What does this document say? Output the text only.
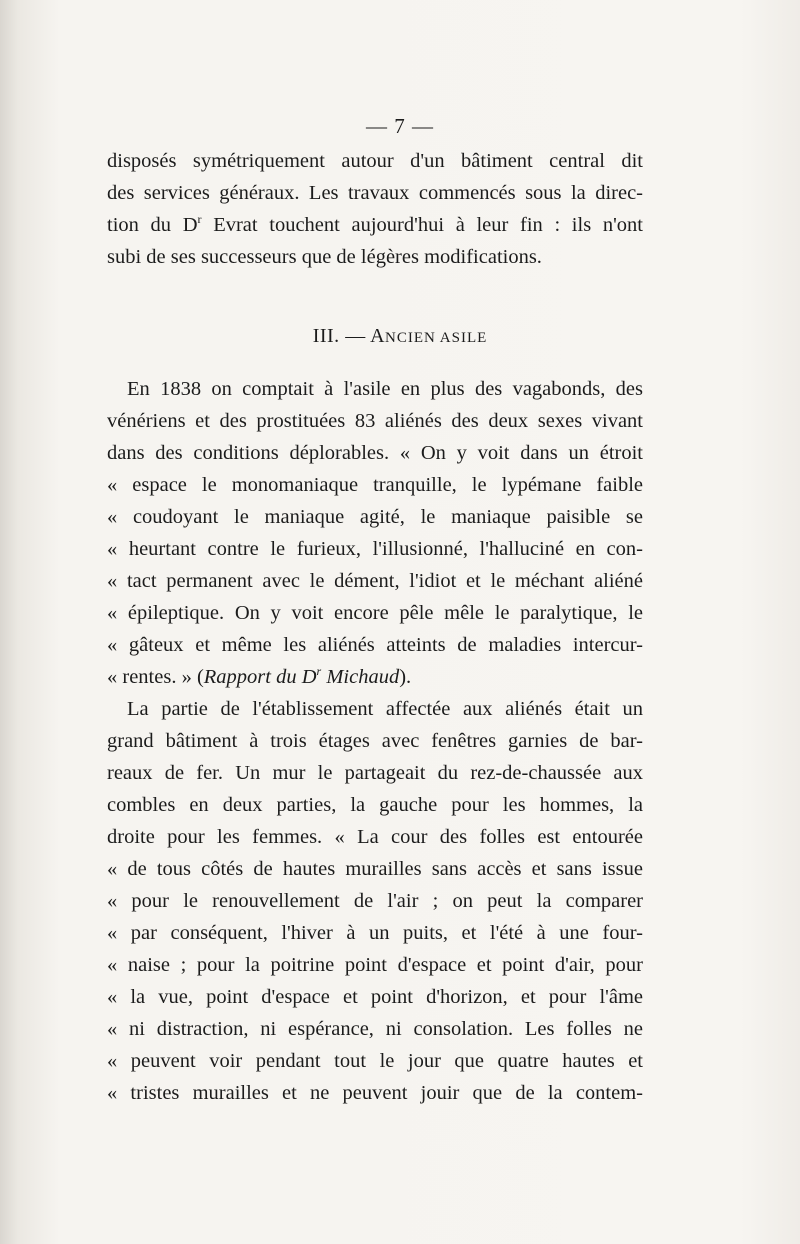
— 7 —
disposés symétriquement autour d'un bâtiment central dit
des services généraux. Les travaux commencés sous la direc-
tion du $D^r$ Evrat touchent aujourd'hui à leur fin : ils n'ont
subi de ses successeurs que de légères modifications.
III. — ANCIEN ASILE
En 1838 on comptait à l'asile en plus des vagabonds, des
vénériens et des prostituées 83 aliénés des deux sexes vivant
dans des conditions déplorables. « On y voit dans un étroit
« espace le monomaniaque tranquille, le lypémane faible
« coudoyant le maniaque agité, le maniaque paisible se
« heurtant contre le furieux, l'illusionné, l'halluciné en con-
« tact permanent avec le dément, l'idiot et le méchant aliéné
« épileptique. On y voit encore pêle mêle le paralytique, le
« gâteux et même les aliénés atteints de maladies intercur-
« rentes. » (Rapport du $D^r$ Michaud).
La partie de l'établissement affectée aux aliénés était un
grand bâtiment à trois étages avec fenêtres garnies de bar-
reaux de fer. Un mur le partageait du rez-de-chaussée aux
combles en deux parties, la gauche pour les hommes, la
droite pour les femmes. « La cour des folles est entourée
« de tous côtés de hautes murailles sans accès et sans issue
« pour le renouvellement de l'air ; on peut la comparer
« par conséquent, l'hiver à un puits, et l'été à une four-
« naise ; pour la poitrine point d'espace et point d'air, pour
« la vue, point d'espace et point d'horizon, et pour l'âme
« ni distraction, ni espérance, ni consolation. Les folles ne
« peuvent voir pendant tout le jour que quatre hautes et
« tristes murailles et ne peuvent jouir que de la contem-
